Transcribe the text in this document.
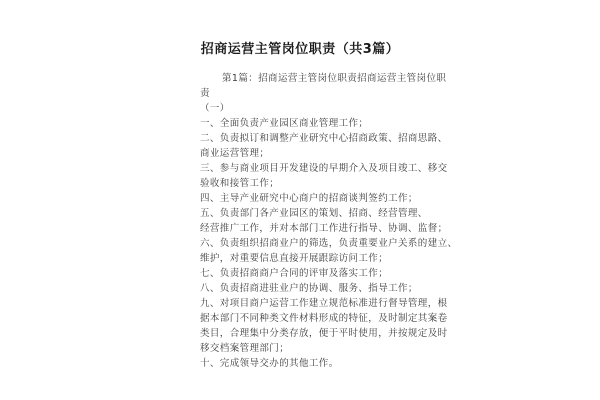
招商运营主管岗位职责（共3篇）
第1篇：招商运营主管岗位职责招商运营主管岗位职
责
（一）
一、全面负责产业园区商业管理工作；
二、负责拟订和调整产业研究中心招商政策、招商思路、
商业运营管理；
三、参与商业项目开发建设的早期介入及项目竣工、移交
验收和接管工作；
四、主导产业研究中心商户的招商谈判签约工作；
五、负责部门各产业园区的策划、招商、经营管理、
经营推广工作，并对本部门工作进行指导、协调、监督；
六、负责组织招商业户的筛选，负责重要业户关系的建立、
维护，对重要信息直接开展跟踪访问工作；
七、负责招商商户合同的评审及落实工作；
八、负责招商进驻业户的协调、服务、指导工作；
九、对项目商户运营工作建立规范标准进行督导管理，根
据本部门不同种类文件材料形成的特征，及时制定其案卷
类目，合理集中分类存放，便于平时使用，并按规定及时
移交档案管理部门；
十、完成领导交办的其他工作。
